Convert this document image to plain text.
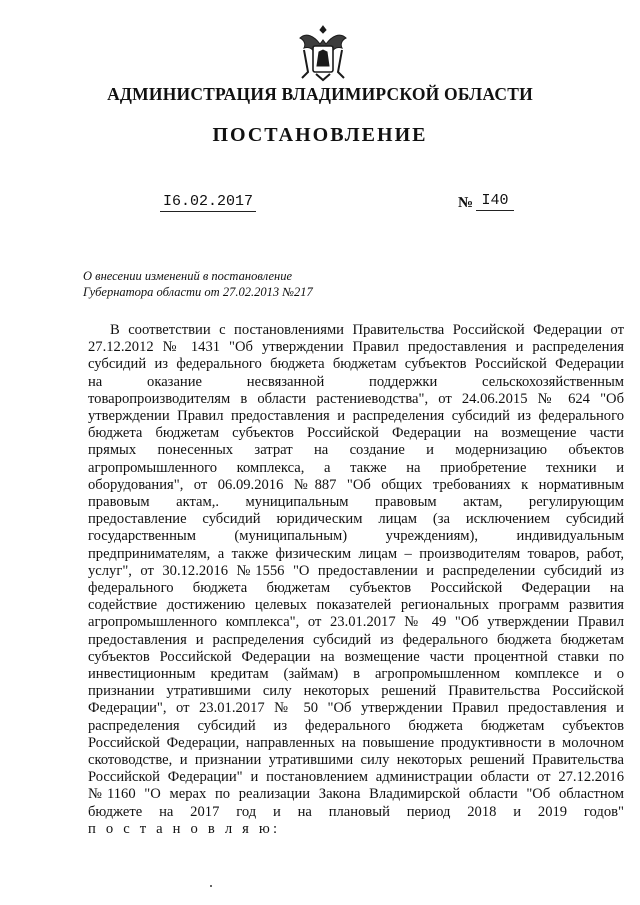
АДМИНИСТРАЦИЯ ВЛАДИМИРСКОЙ ОБЛАСТИ
ПОСТАНОВЛЕНИЕ
I6.02.2017	№ I40
О внесении изменений в постановление
Губернатора области от 27.02.2013 №217
В соответствии с постановлениями Правительства Российской Федерации от
27.12.2012 № 1431 "Об утверждении Правил предоставления и распределения
субсидий из федерального бюджета бюджетам субъектов Российской Федерации
на оказание несвязанной поддержки сельскохозяйственным
товаропроизводителям в области растениеводства", от 24.06.2015 № 624 "Об
утверждении Правил предоставления и распределения субсидий из федерального
бюджета бюджетам субъектов Российской Федерации на возмещение части
прямых понесенных затрат на создание и модернизацию объектов
агропромышленного комплекса, а также на приобретение техники и
оборудования", от 06.09.2016 №887 "Об общих требованиях к нормативным
правовым актам,. муниципальным правовым актам, регулирующим
предоставление субсидий юридическим лицам (за исключением субсидий
государственным (муниципальным) учреждениям), индивидуальным
предпринимателям, а также физическим лицам – производителям товаров, работ,
услуг", от 30.12.2016 №1556 "О предоставлении и распределении субсидий из
федерального бюджета бюджетам субъектов Российской Федерации на
содействие достижению целевых показателей региональных программ развития
агропромышленного комплекса", от 23.01.2017 № 49 "Об утверждении Правил
предоставления и распределения субсидий из федерального бюджета бюджетам
субъектов Российской Федерации на возмещение части процентной ставки по
инвестиционным кредитам (займам) в агропромышленном комплексе и о
признании утратившими силу некоторых решений Правительства Российской
Федерации", от 23.01.2017 № 50 "Об утверждении Правил предоставления и
распределения субсидий из федерального бюджета бюджетам субъектов
Российской Федерации, направленных на повышение продуктивности в молочном
скотоводстве, и признании утратившими силу некоторых решений Правительства
Российской Федерации" и постановлением администрации области от 27.12.2016
№1160 "О мерах по реализации Закона Владимирской области "Об областном
бюджете на 2017 год и на плановый период 2018 и 2019 годов"
п о с т а н о в л я ю:
